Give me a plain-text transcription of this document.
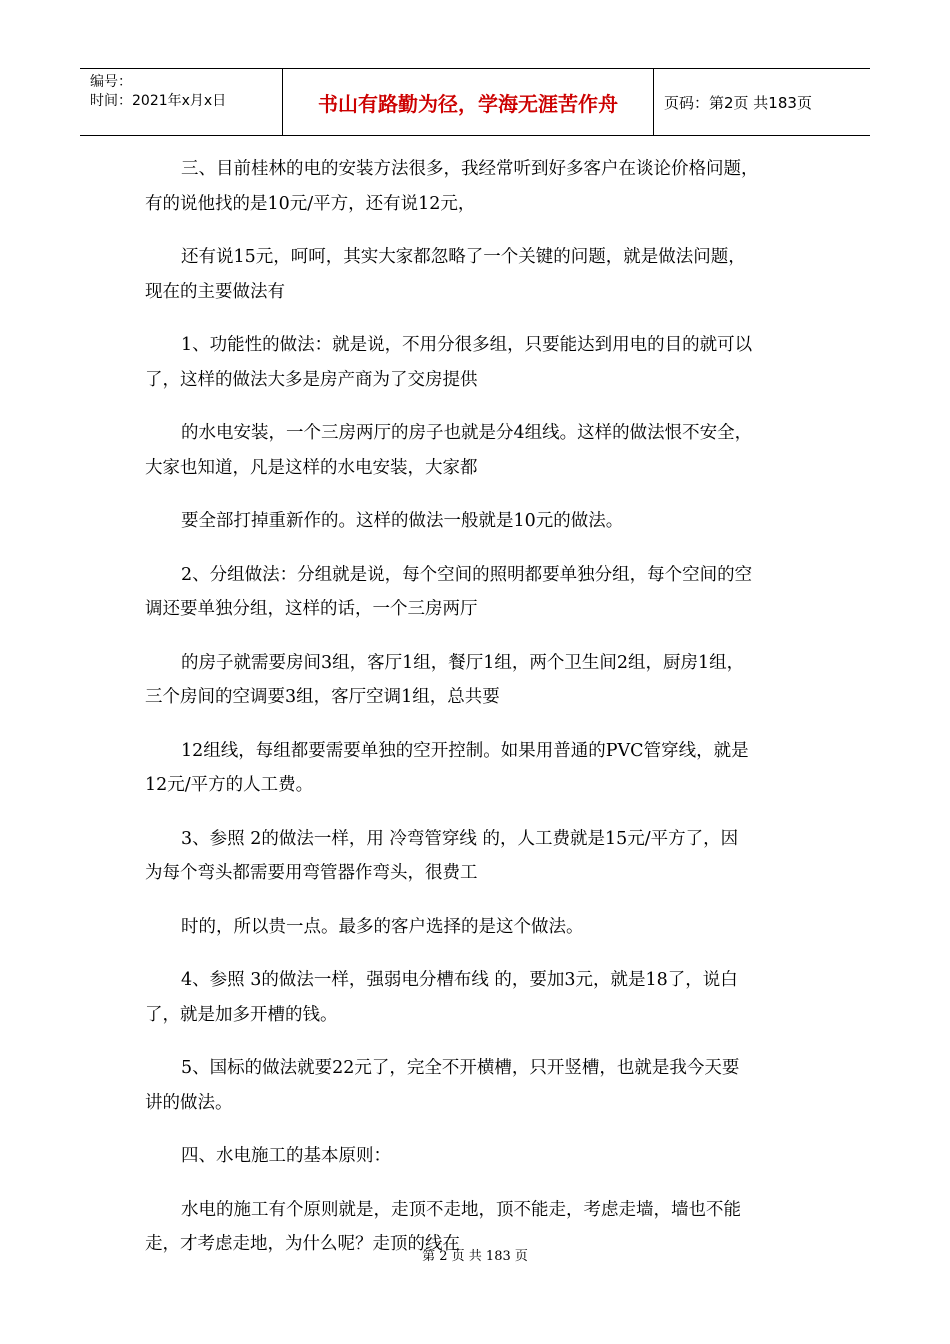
编号：
时间：2021年x月x日	书山有路勤为径，学海无涯苦作舟	页码：第2页 共183页

三、目前桂林的电的安装方法很多，我经常听到好多客户在谈论价格问题，
有的说他找的是10元/平方，还有说12元，

还有说15元，呵呵，其实大家都忽略了一个关键的问题，就是做法问题，
现在的主要做法有

1、功能性的做法：就是说，不用分很多组，只要能达到用电的目的就可以
了，这样的做法大多是房产商为了交房提供

的水电安装，一个三房两厅的房子也就是分4组线。这样的做法恨不安全，
大家也知道，凡是这样的水电安装，大家都

要全部打掉重新作的。这样的做法一般就是10元的做法。

2、分组做法：分组就是说，每个空间的照明都要单独分组，每个空间的空
调还要单独分组，这样的话，一个三房两厅

的房子就需要房间3组，客厅1组，餐厅1组，两个卫生间2组，厨房1组，
三个房间的空调要3组，客厅空调1组，总共要

12组线，每组都要需要单独的空开控制。如果用普通的PVC管穿线，就是
12元/平方的人工费。

3、参照 2的做法一样，用 冷弯管穿线 的，人工费就是15元/平方了，因
为每个弯头都需要用弯管器作弯头，很费工

时的，所以贵一点。最多的客户选择的是这个做法。

4、参照 3的做法一样，强弱电分槽布线 的，要加3元，就是18了，说白
了，就是加多开槽的钱。

5、国标的做法就要22元了，完全不开横槽，只开竖槽，也就是我今天要
讲的做法。

四、水电施工的基本原则：

水电的施工有个原则就是，走顶不走地，顶不能走，考虑走墙，墙也不能
走，才考虑走地，为什么呢？走顶的线在

第 2 页 共 183 页
